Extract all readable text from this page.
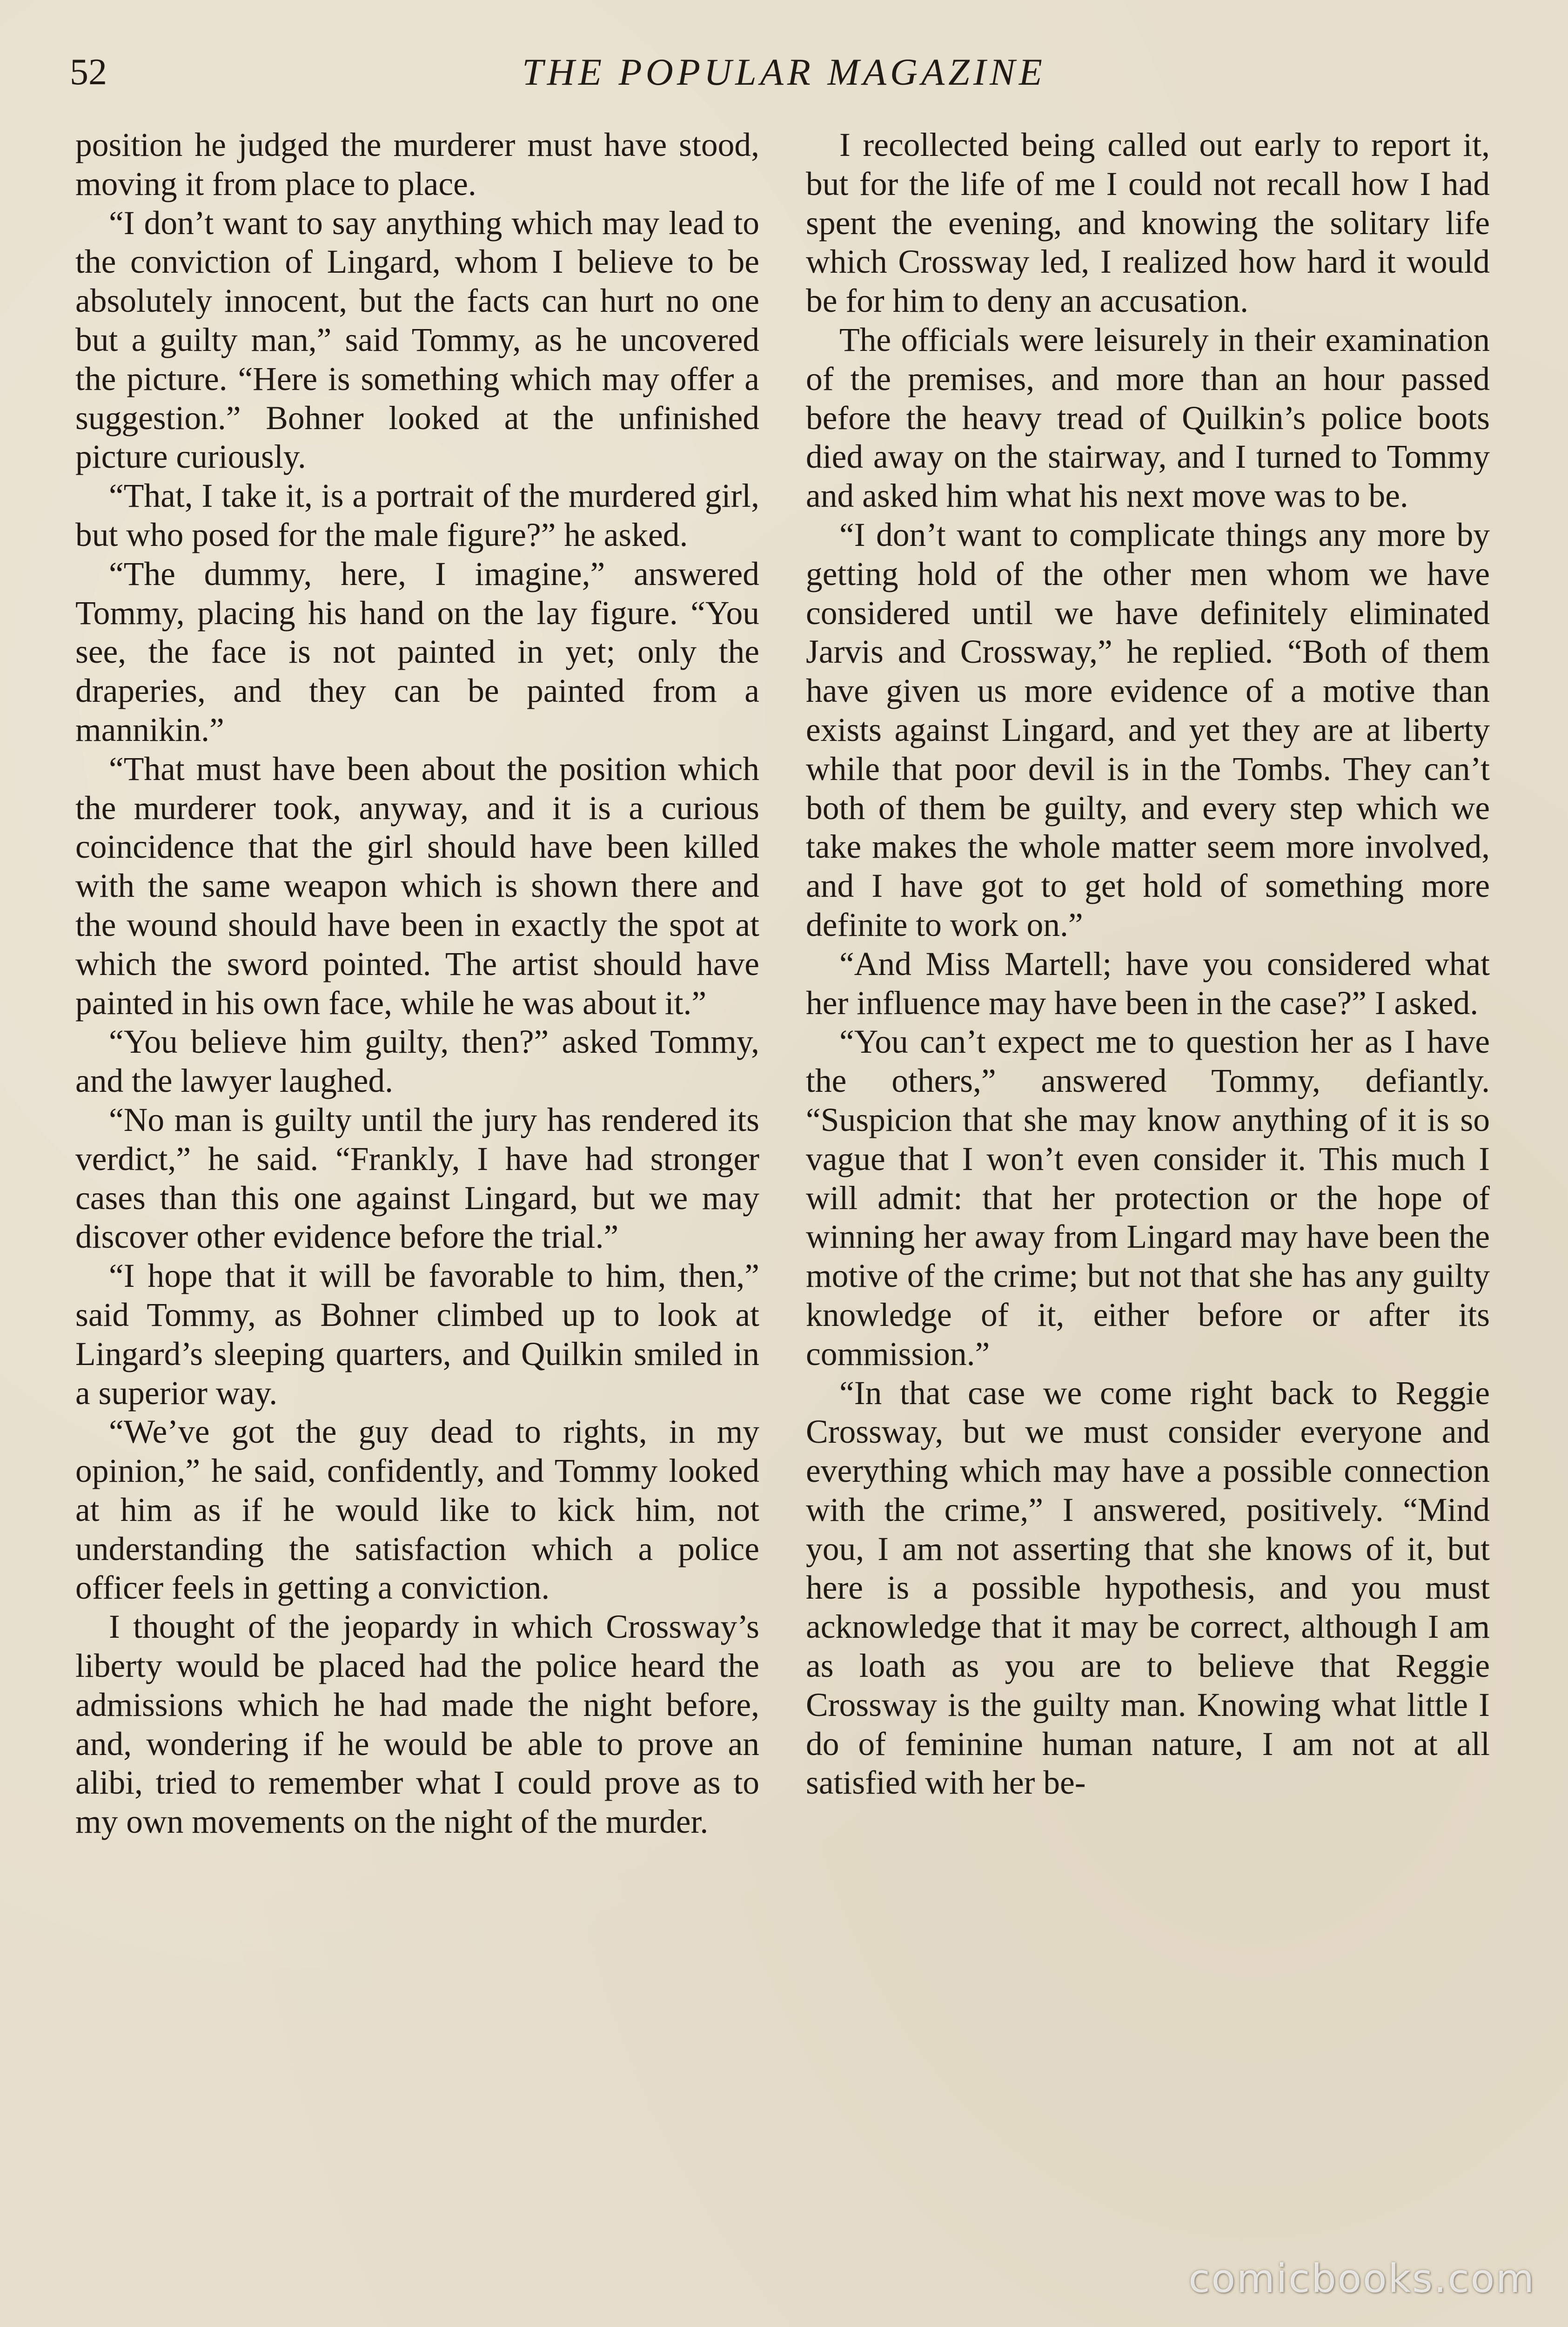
52	THE POPULAR MAGAZINE

position he judged the murderer must have stood, moving it from place to place.

“I don’t want to say anything which may lead to the conviction of Lingard, whom I believe to be absolutely innocent, but the facts can hurt no one but a guilty man,” said Tommy, as he uncovered the picture. “Here is something which may offer a suggestion.” Bohner looked at the unfinished picture curiously.

“That, I take it, is a portrait of the murdered girl, but who posed for the male figure?” he asked.

“The dummy, here, I imagine,” answered Tommy, placing his hand on the lay figure. “You see, the face is not painted in yet; only the draperies, and they can be painted from a mannikin.”

“That must have been about the position which the murderer took, anyway, and it is a curious coincidence that the girl should have been killed with the same weapon which is shown there and the wound should have been in exactly the spot at which the sword pointed. The artist should have painted in his own face, while he was about it.”

“You believe him guilty, then?” asked Tommy, and the lawyer laughed.

“No man is guilty until the jury has rendered its verdict,” he said. “Frankly, I have had stronger cases than this one against Lingard, but we may discover other evidence before the trial.”

“I hope that it will be favorable to him, then,” said Tommy, as Bohner climbed up to look at Lingard’s sleeping quarters, and Quilkin smiled in a superior way.

“We’ve got the guy dead to rights, in my opinion,” he said, confidently, and Tommy looked at him as if he would like to kick him, not understanding the satisfaction which a police officer feels in getting a conviction.

I thought of the jeopardy in which Crossway’s liberty would be placed had the police heard the admissions which he had made the night before, and, wondering if he would be able to prove an alibi, tried to remember what I could prove as to my own movements on the night of the murder.

I recollected being called out early to report it, but for the life of me I could not recall how I had spent the evening, and knowing the solitary life which Crossway led, I realized how hard it would be for him to deny an accusation.

The officials were leisurely in their examination of the premises, and more than an hour passed before the heavy tread of Quilkin’s police boots died away on the stairway, and I turned to Tommy and asked him what his next move was to be.

“I don’t want to complicate things any more by getting hold of the other men whom we have considered until we have definitely eliminated Jarvis and Crossway,” he replied. “Both of them have given us more evidence of a motive than exists against Lingard, and yet they are at liberty while that poor devil is in the Tombs. They can’t both of them be guilty, and every step which we take makes the whole matter seem more involved, and I have got to get hold of something more definite to work on.”

“And Miss Martell; have you considered what her influence may have been in the case?” I asked.

“You can’t expect me to question her as I have the others,” answered Tommy, defiantly. “Suspicion that she may know anything of it is so vague that I won’t even consider it. This much I will admit: that her protection or the hope of winning her away from Lingard may have been the motive of the crime; but not that she has any guilty knowledge of it, either before or after its commission.”

“In that case we come right back to Reggie Crossway, but we must consider everyone and everything which may have a possible connection with the crime,” I answered, positively. “Mind you, I am not asserting that she knows of it, but here is a possible hypothesis, and you must acknowledge that it may be correct, although I am as loath as you are to believe that Reggie Crossway is the guilty man. Knowing what little I do of feminine human nature, I am not at all satisfied with her be-

comicbooks.com
